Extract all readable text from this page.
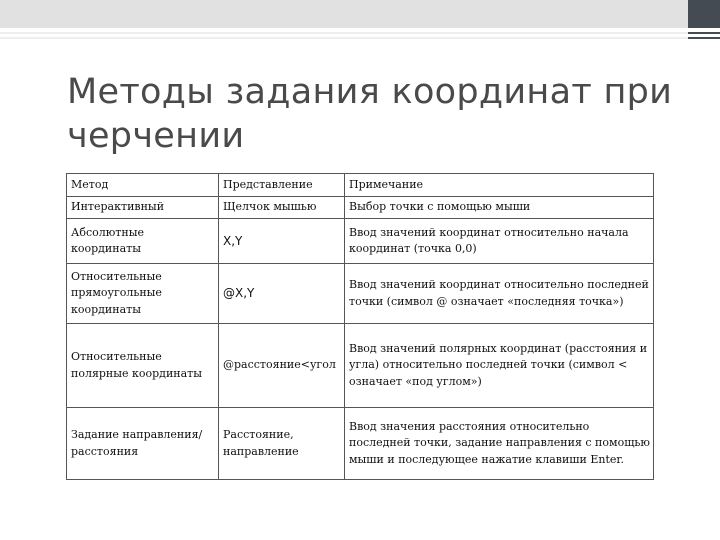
Методы задания координат при черчении
Метод	Представление	Примечание
Интерактивный	Щелчок мышью	Выбор точки с помощью мыши
Абсолютные координаты	X,Y	Ввод значений координат относительно начала координат (точка 0,0)
Относительные прямоугольные координаты	@X,Y	Ввод значений координат относительно последней точки (символ @ означает «последняя точка»)
Относительные полярные координаты	@расстояние<угол	Ввод значений полярных координат (расстояния и угла) относительно последней точки (символ < означает «под углом»)
Задание направления/ расстояния	Расстояние, направление	Ввод значения расстояния относительно последней точки, задание направления с помощью мыши и последующее нажатие клавиши Enter.
